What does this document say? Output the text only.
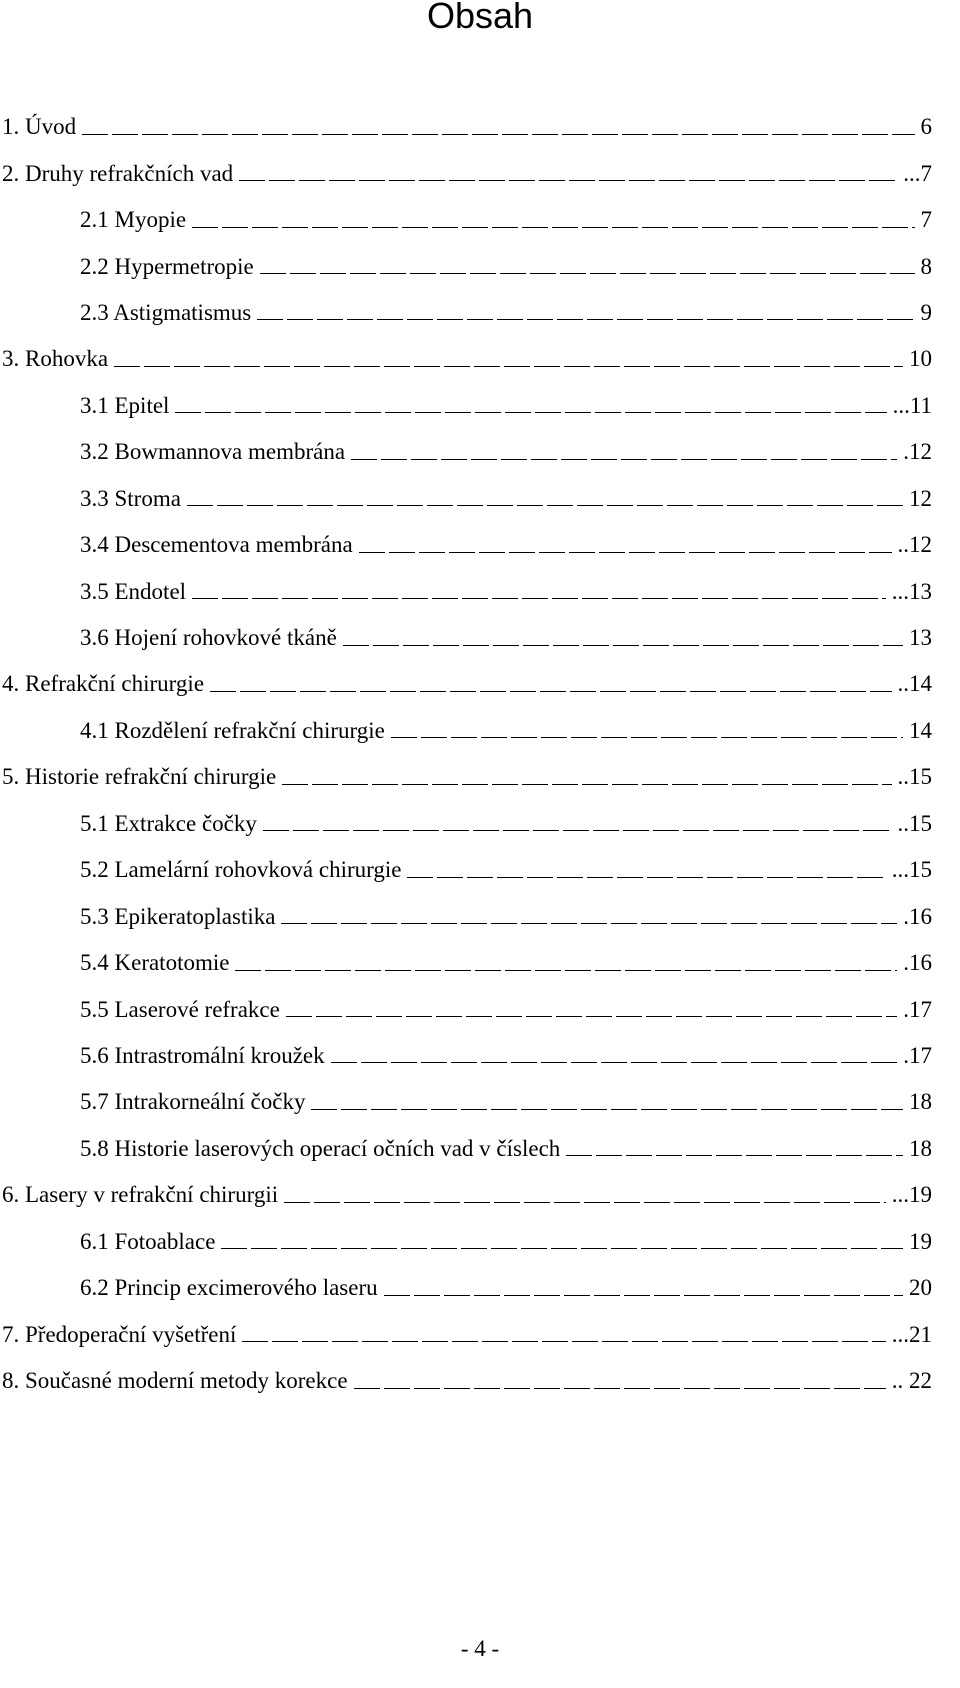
Obsah
1. Úvod	6
2. Druhy refrakčních vad	...7
2.1 Myopie	7
2.2 Hypermetropie	8
2.3 Astigmatismus	9
3. Rohovka	10
3.1 Epitel	...11
3.2 Bowmannova membrána	.12
3.3 Stroma	12
3.4 Descementova membrána	..12
3.5 Endotel	...13
3.6 Hojení rohovkové tkáně	13
4. Refrakční chirurgie	..14
4.1 Rozdělení refrakční chirurgie	14
5. Historie refrakční chirurgie	..15
5.1 Extrakce čočky	..15
5.2 Lamelární rohovková chirurgie	...15
5.3 Epikeratoplastika	.16
5.4 Keratotomie	.16
5.5 Laserové refrakce	.17
5.6 Intrastromální kroužek	.17
5.7 Intrakorneální čočky	18
5.8 Historie laserových operací očních vad v číslech	18
6. Lasery v refrakční chirurgii	...19
6.1 Fotoablace	19
6.2 Princip excimerového laseru	20
7. Předoperační vyšetření	...21
8. Současné moderní metody korekce	.. 22
- 4 -
